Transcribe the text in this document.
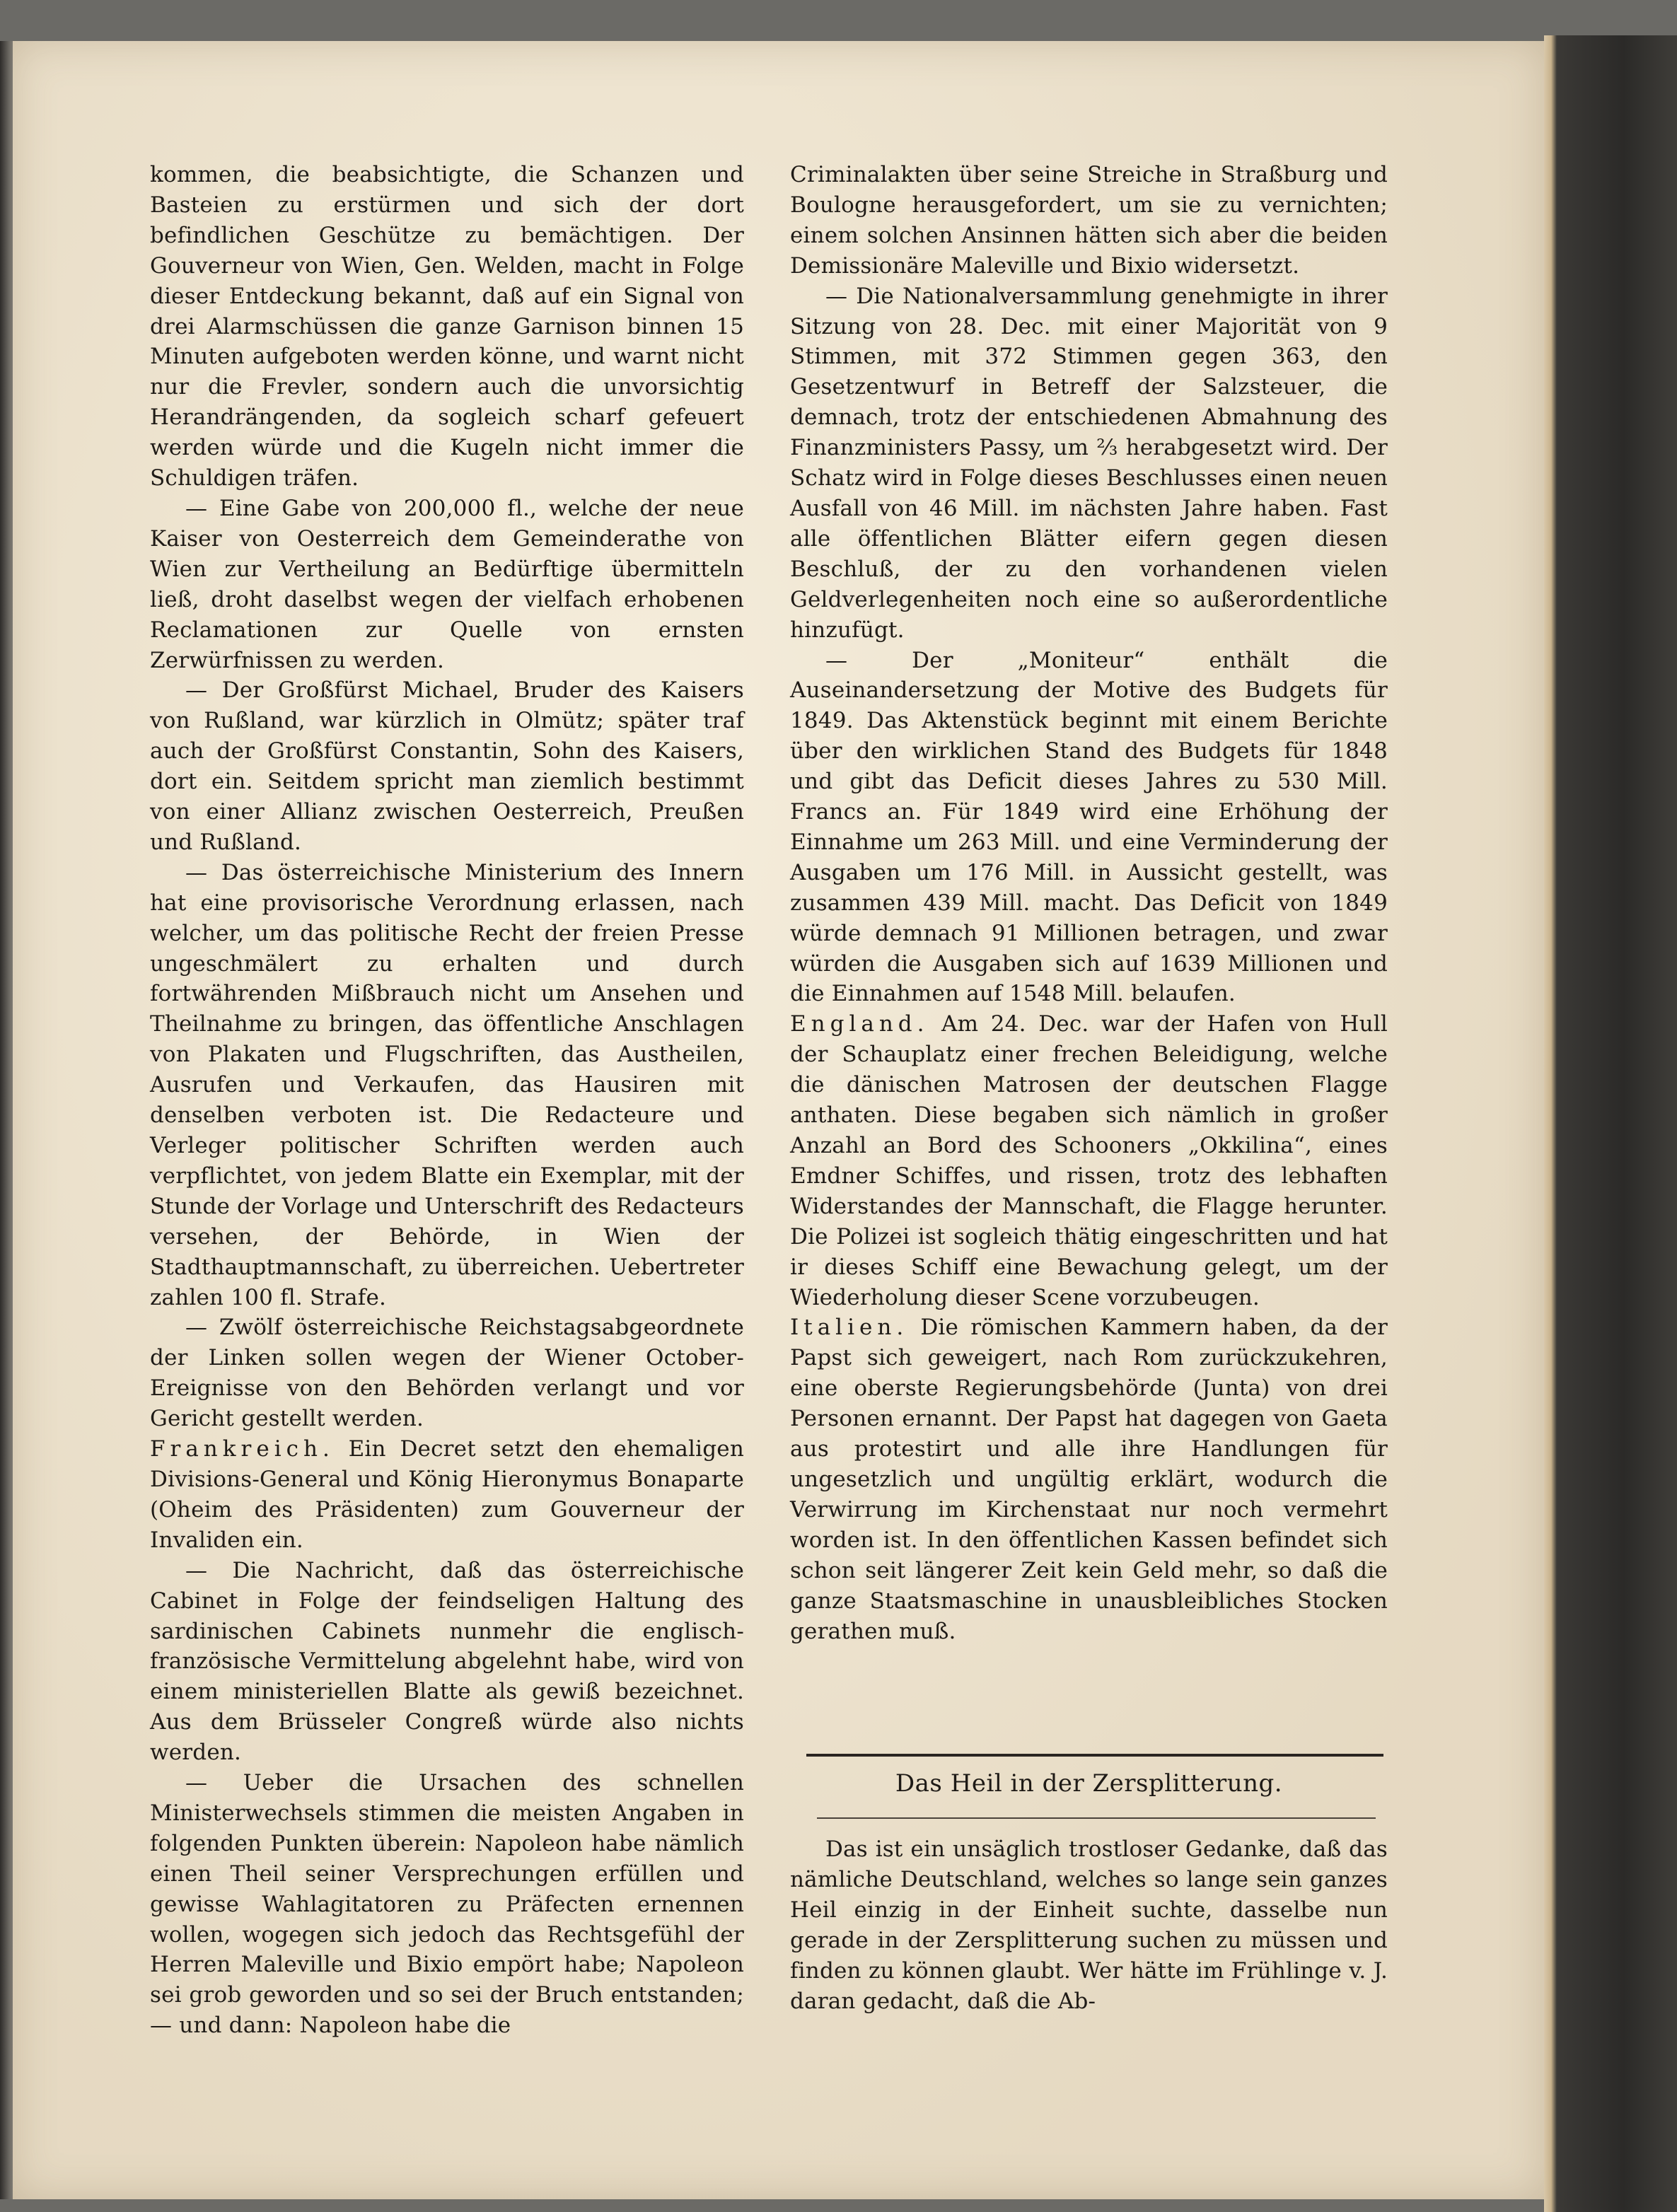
kommen, die beabsichtigte, die Schanzen und Basteien zu erstürmen und sich der dort befindlichen Geschütze zu bemächtigen. Der Gouverneur von Wien, Gen. Welden, macht in Folge dieser Entdeckung bekannt, daß auf ein Signal von drei Alarmschüssen die ganze Garnison binnen 15 Minuten aufgeboten werden könne, und warnt nicht nur die Frevler, sondern auch die unvorsichtig Herandrängenden, da sogleich scharf gefeuert werden würde und die Kugeln nicht immer die Schuldigen träfen.

— Eine Gabe von 200,000 fl., welche der neue Kaiser von Oesterreich dem Gemeinderathe von Wien zur Vertheilung an Bedürftige übermitteln ließ, droht daselbst wegen der vielfach erhobenen Reclamationen zur Quelle von ernsten Zerwürfnissen zu werden.

— Der Großfürst Michael, Bruder des Kaisers von Rußland, war kürzlich in Olmütz; später traf auch der Großfürst Constantin, Sohn des Kaisers, dort ein. Seitdem spricht man ziemlich bestimmt von einer Allianz zwischen Oesterreich, Preußen und Rußland.

— Das österreichische Ministerium des Innern hat eine provisorische Verordnung erlassen, nach welcher, um das politische Recht der freien Presse ungeschmälert zu erhalten und durch fortwährenden Mißbrauch nicht um Ansehen und Theilnahme zu bringen, das öffentliche Anschlagen von Plakaten und Flugschriften, das Austheilen, Ausrufen und Verkaufen, das Hausiren mit denselben verboten ist. Die Redacteure und Verleger politischer Schriften werden auch verpflichtet, von jedem Blatte ein Exemplar, mit der Stunde der Vorlage und Unterschrift des Redacteurs versehen, der Behörde, in Wien der Stadthauptmannschaft, zu überreichen. Uebertreter zahlen 100 fl. Strafe.

— Zwölf österreichische Reichstagsabgeordnete der Linken sollen wegen der Wiener October-Ereignisse von den Behörden verlangt und vor Gericht gestellt werden.

Frankreich. Ein Decret setzt den ehemaligen Divisions-General und König Hieronymus Bonaparte (Oheim des Präsidenten) zum Gouverneur der Invaliden ein.

— Die Nachricht, daß das österreichische Cabinet in Folge der feindseligen Haltung des sardinischen Cabinets nunmehr die englisch-französische Vermittelung abgelehnt habe, wird von einem ministeriellen Blatte als gewiß bezeichnet. Aus dem Brüsseler Congreß würde also nichts werden.

— Ueber die Ursachen des schnellen Ministerwechsels stimmen die meisten Angaben in folgenden Punkten überein: Napoleon habe nämlich einen Theil seiner Versprechungen erfüllen und gewisse Wahlagitatoren zu Präfecten ernennen wollen, wogegen sich jedoch das Rechtsgefühl der Herren Maleville und Bixio empört habe; Napoleon sei grob geworden und so sei der Bruch entstanden; — und dann: Napoleon habe die

Criminalakten über seine Streiche in Straßburg und Boulogne herausgefordert, um sie zu vernichten; einem solchen Ansinnen hätten sich aber die beiden Demissionäre Maleville und Bixio widersetzt.

— Die Nationalversammlung genehmigte in ihrer Sitzung von 28. Dec. mit einer Majorität von 9 Stimmen, mit 372 Stimmen gegen 363, den Gesetzentwurf in Betreff der Salzsteuer, die demnach, trotz der entschiedenen Abmahnung des Finanzministers Passy, um ⅔ herabgesetzt wird. Der Schatz wird in Folge dieses Beschlusses einen neuen Ausfall von 46 Mill. im nächsten Jahre haben. Fast alle öffentlichen Blätter eifern gegen diesen Beschluß, der zu den vorhandenen vielen Geldverlegenheiten noch eine so außerordentliche hinzufügt.

— Der „Moniteur“ enthält die Auseinandersetzung der Motive des Budgets für 1849. Das Aktenstück beginnt mit einem Berichte über den wirklichen Stand des Budgets für 1848 und gibt das Deficit dieses Jahres zu 530 Mill. Francs an. Für 1849 wird eine Erhöhung der Einnahme um 263 Mill. und eine Verminderung der Ausgaben um 176 Mill. in Aussicht gestellt, was zusammen 439 Mill. macht. Das Deficit von 1849 würde demnach 91 Millionen betragen, und zwar würden die Ausgaben sich auf 1639 Millionen und die Einnahmen auf 1548 Mill. belaufen.

England. Am 24. Dec. war der Hafen von Hull der Schauplatz einer frechen Beleidigung, welche die dänischen Matrosen der deutschen Flagge anthaten. Diese begaben sich nämlich in großer Anzahl an Bord des Schooners „Okkilina“, eines Emdner Schiffes, und rissen, trotz des lebhaften Widerstandes der Mannschaft, die Flagge herunter. Die Polizei ist sogleich thätig eingeschritten und hat ir dieses Schiff eine Bewachung gelegt, um der Wiederholung dieser Scene vorzubeugen.

Italien. Die römischen Kammern haben, da der Papst sich geweigert, nach Rom zurückzukehren, eine oberste Regierungsbehörde (Junta) von drei Personen ernannt. Der Papst hat dagegen von Gaeta aus protestirt und alle ihre Handlungen für ungesetzlich und ungültig erklärt, wodurch die Verwirrung im Kirchenstaat nur noch vermehrt worden ist. In den öffentlichen Kassen befindet sich schon seit längerer Zeit kein Geld mehr, so daß die ganze Staatsmaschine in unausbleibliches Stocken gerathen muß.

Das Heil in der Zersplitterung.

Das ist ein unsäglich trostloser Gedanke, daß das nämliche Deutschland, welches so lange sein ganzes Heil einzig in der Einheit suchte, dasselbe nun gerade in der Zersplitterung suchen zu müssen und finden zu können glaubt. Wer hätte im Frühlinge v. J. daran gedacht, daß die Ab-
